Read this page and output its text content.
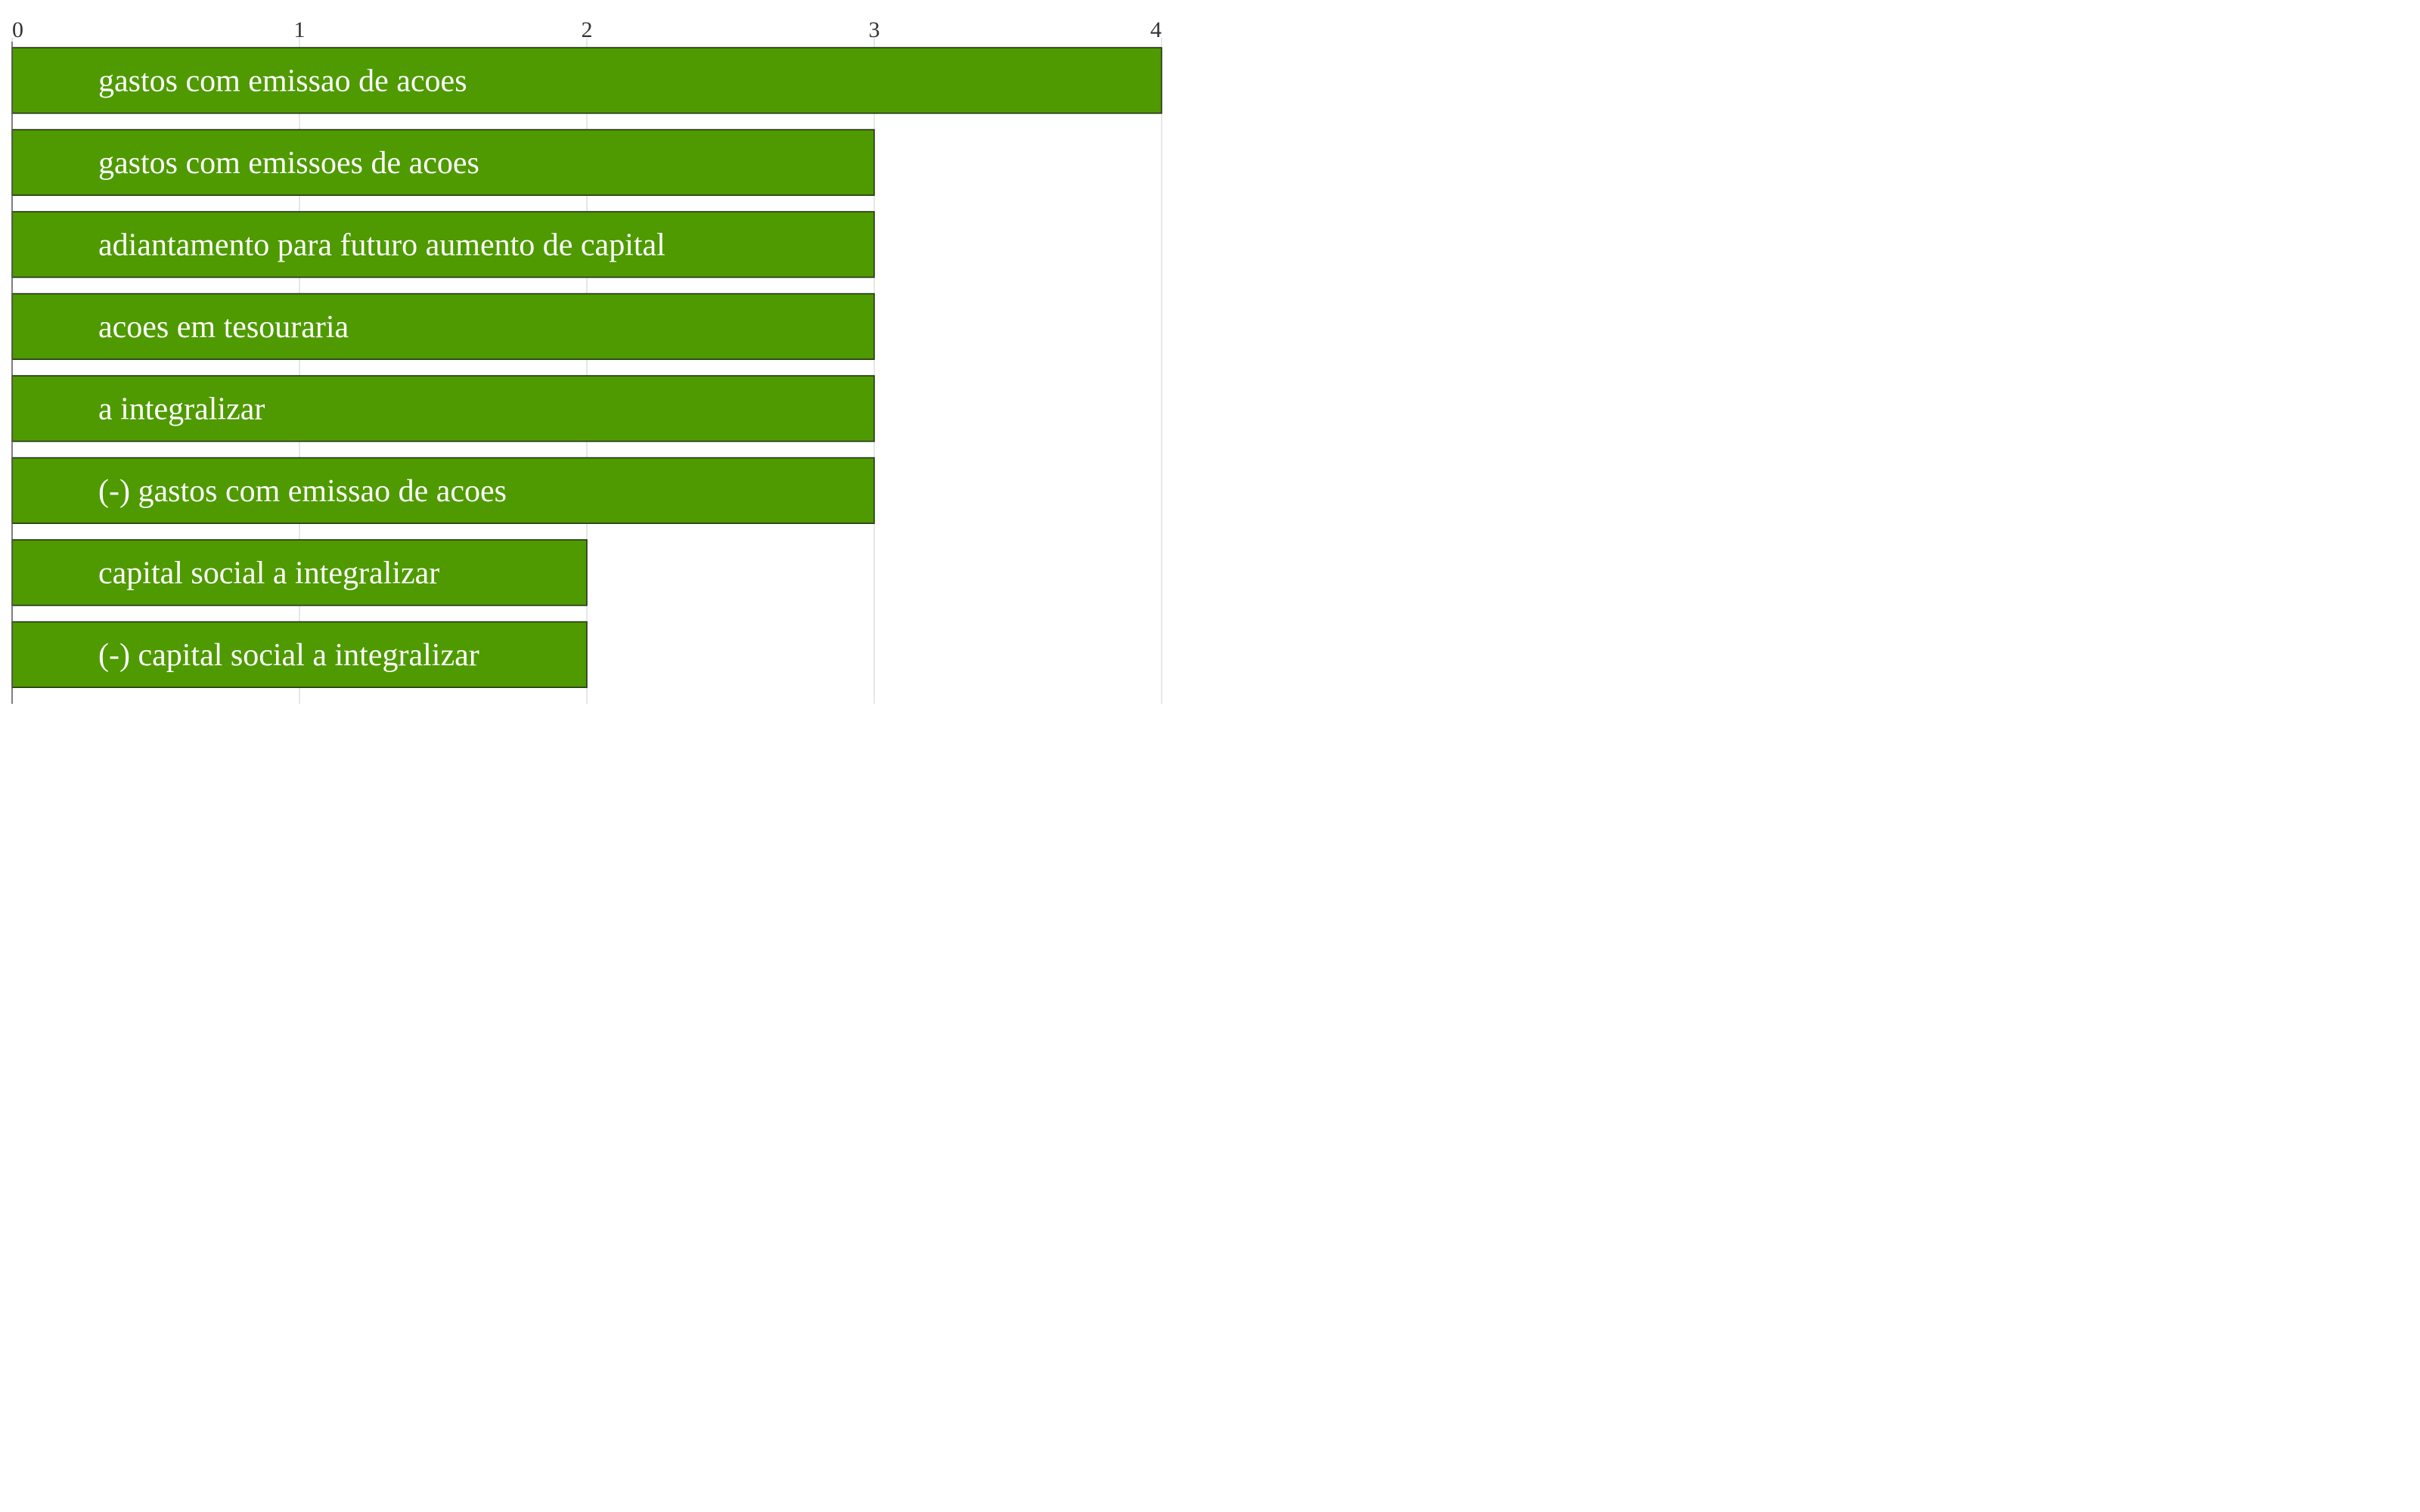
0	1	2	3	4
gastos com emissao de acoes
gastos com emissoes de acoes
adiantamento para futuro aumento de capital
acoes em tesouraria
a integralizar
(-) gastos com emissao de acoes
capital social a integralizar
(-) capital social a integralizar
